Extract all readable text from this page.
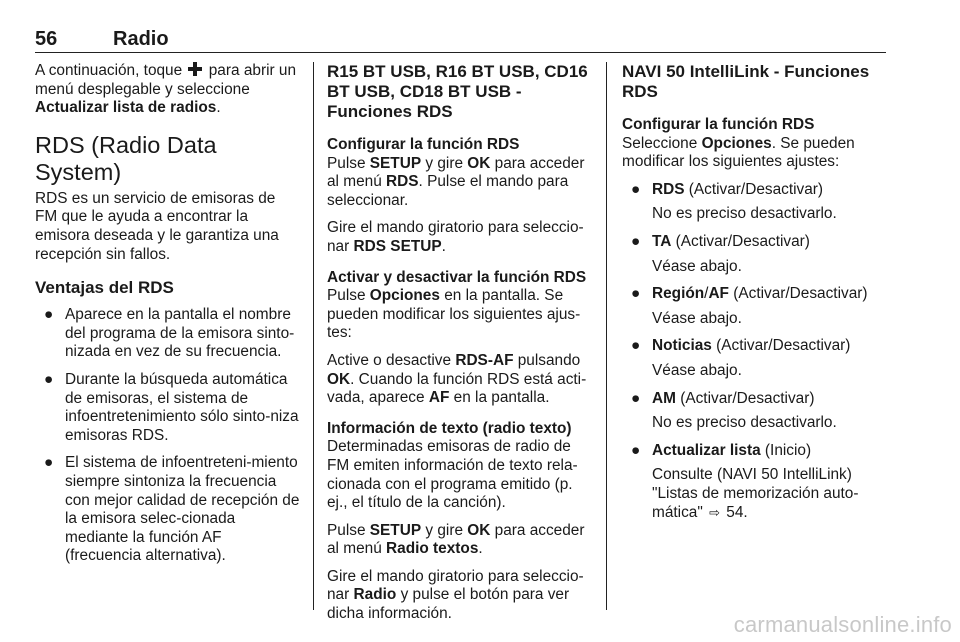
56	Radio

A continuación, toque  para abrir un menú desplegable y seleccione Actualizar lista de radios.

RDS (Radio Data System)

RDS es un servicio de emisoras de FM que le ayuda a encontrar la emisora deseada y le garantiza una recepción sin fallos.

Ventajas del RDS
● Aparece en la pantalla el nombre del programa de la emisora sinto-nizada en vez de su frecuencia.
● Durante la búsqueda automática de emisoras, el sistema de infoentretenimiento sólo sinto-niza emisoras RDS.
● El sistema de infoentreteni-miento siempre sintoniza la frecuencia con mejor calidad de recepción de la emisora selec-cionada mediante la función AF (frecuencia alternativa).
R15 BT USB, R16 BT USB, CD16 BT USB, CD18 BT USB - Funciones RDS
Configurar la función RDS

Pulse SETUP y gire OK para acceder al menú RDS. Pulse el mando para seleccionar.

Gire el mando giratorio para seleccio-nar RDS SETUP.

Activar y desactivar la función RDS

Pulse Opciones en la pantalla. Se pueden modificar los siguientes ajus-tes:

Active o desactive RDS-AF pulsando OK. Cuando la función RDS está acti-vada, aparece AF en la pantalla.

Información de texto (radio texto)

Determinadas emisoras de radio de FM emiten información de texto rela-cionada con el programa emitido (p. ej., el título de la canción).

Pulse SETUP y gire OK para acceder al menú Radio textos.

Gire el mando giratorio para seleccio-nar Radio y pulse el botón para ver dicha información.

NAVI 50 IntelliLink - Funciones RDS
Configurar la función RDS

Seleccione Opciones. Se pueden modificar los siguientes ajustes:

● RDS (Activar/Desactivar)
No es preciso desactivarlo.
● TA (Activar/Desactivar)
Véase abajo.
● Región/AF (Activar/Desactivar)
Véase abajo.
● Noticias (Activar/Desactivar)
Véase abajo.
● AM (Activar/Desactivar)
No es preciso desactivarlo.
● Actualizar lista (Inicio)
Consulte (NAVI 50 IntelliLink) "Listas de memorización auto-mática" ⇨ 54.
carmanualsonline.info
